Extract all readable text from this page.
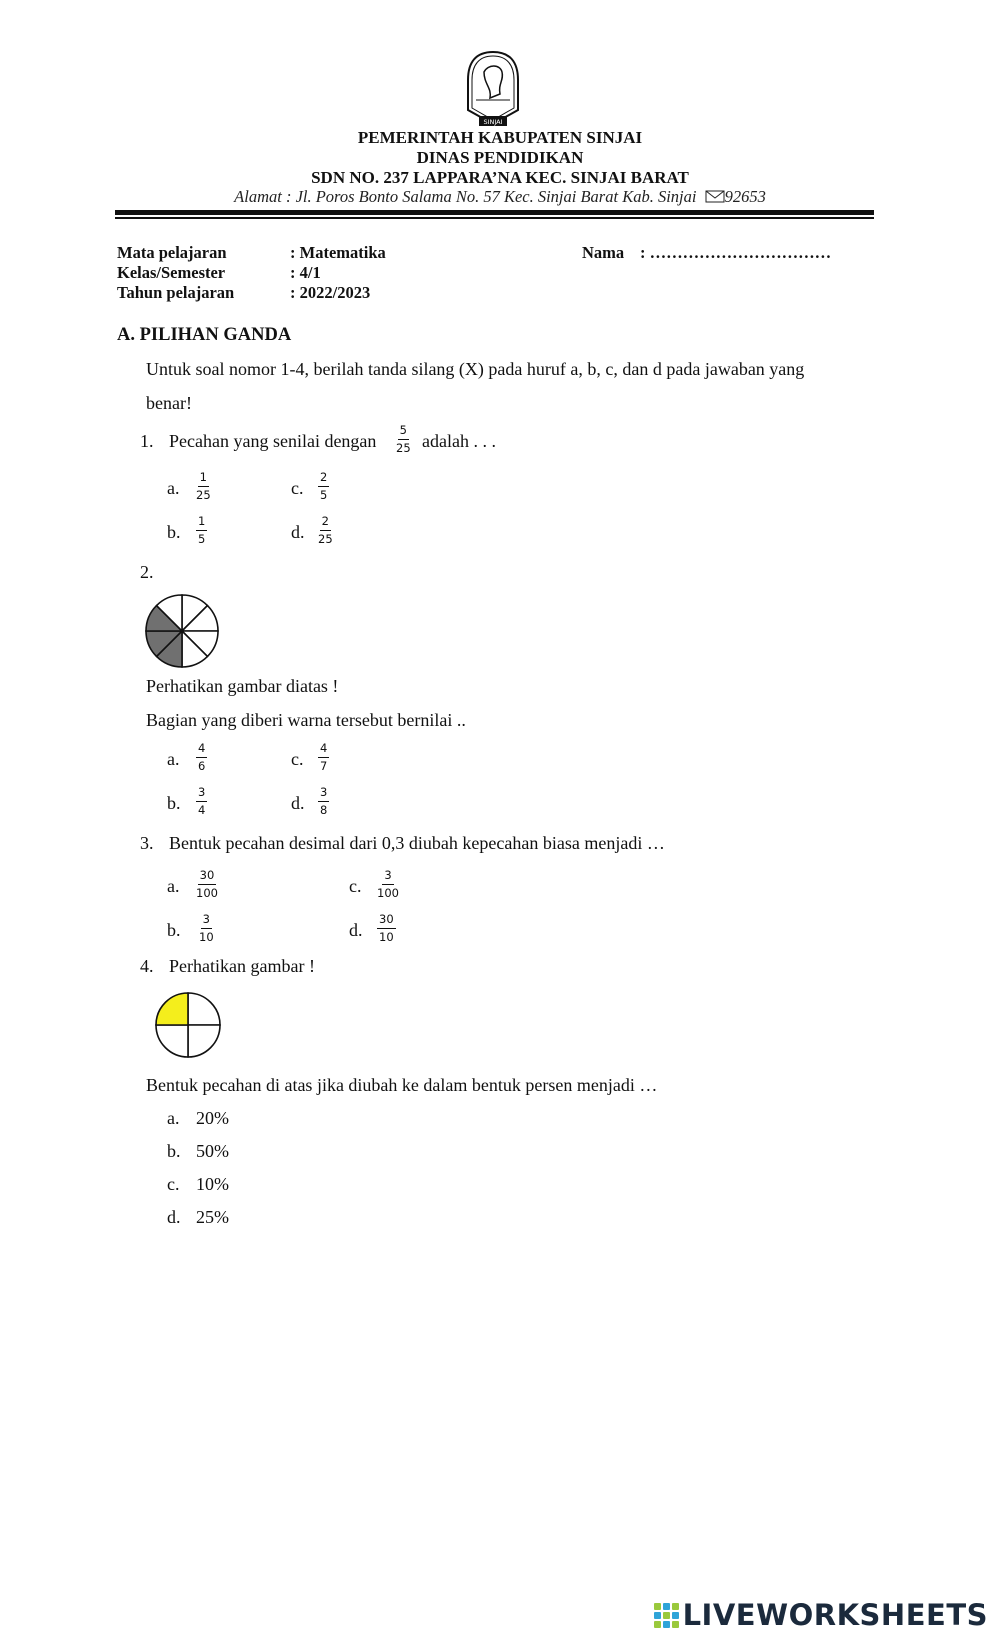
SINJAI
PEMERINTAH KABUPATEN SINJAI
DINAS PENDIDIKAN
SDN NO. 237 LAPPARA’NA KEC. SINJAI BARAT
Alamat : Jl. Poros Bonto Salama No. 57 Kec. Sinjai Barat Kab. Sinjai 92653
Mata pelajaran	: Matematika
Kelas/Semester	: 4/1
Tahun pelajaran	: 2022/2023
Nama : ……………………………
A. PILIHAN GANDA
Untuk soal nomor 1-4, berilah tanda silang (X) pada huruf a, b, c, dan d pada jawaban yang
benar!
1. Pecahan yang senilai dengan $\frac{5}{25}$ adalah . . .
a. $\frac{1}{25}$
b. $\frac{1}{5}$
c. $\frac{2}{5}$
d. $\frac{2}{25}$
2.
Perhatikan gambar diatas !
Bagian yang diberi warna tersebut bernilai ..
a. $\frac{4}{6}$
b. $\frac{3}{4}$
c. $\frac{4}{7}$
d. $\frac{3}{8}$
3. Bentuk pecahan desimal dari 0,3 diubah kepecahan biasa menjadi …
a. $\frac{30}{100}$
b. $\frac{3}{10}$
c. $\frac{3}{100}$
d. $\frac{30}{10}$
4. Perhatikan gambar !
Bentuk pecahan di atas jika diubah ke dalam bentuk persen menjadi …
a. 20%
b. 50%
c. 10%
d. 25%
LIVEWORKSHEETS
